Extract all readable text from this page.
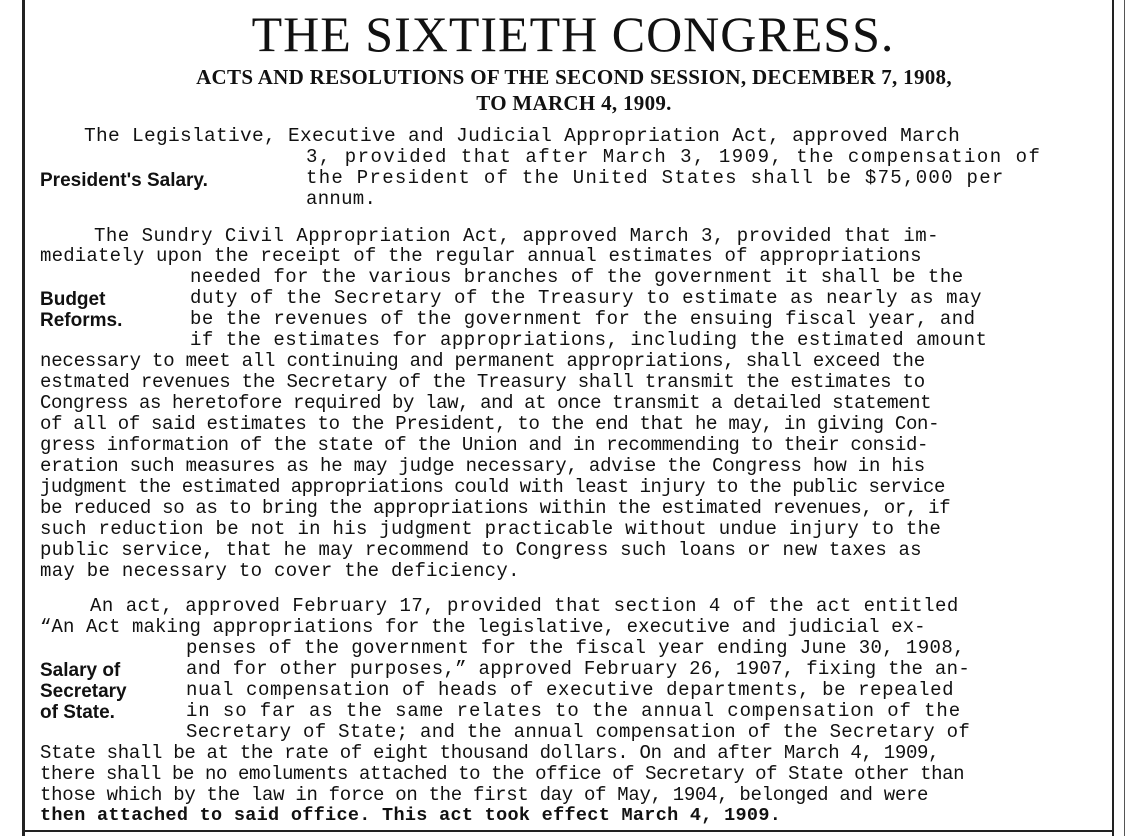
THE SIXTIETH CONGRESS.
ACTS AND RESOLUTIONS OF THE SECOND SESSION, DECEMBER 7, 1908,
TO MARCH 4, 1909.
President's Salary.
The Legislative, Executive and Judicial Appropriation Act, approved March
3, provided that after March 3, 1909, the compensation of
the President of the United States shall be $75,000 per
annum.
Budget
Reforms.
The Sundry Civil Appropriation Act, approved March 3, provided that im-
mediately upon the receipt of the regular annual estimates of appropriations
needed for the various branches of the government it shall be the
duty of the Secretary of the Treasury to estimate as nearly as may
be the revenues of the government for the ensuing fiscal year, and
if the estimates for appropriations, including the estimated amount
necessary to meet all continuing and permanent appropriations, shall exceed the
estmated revenues the Secretary of the Treasury shall transmit the estimates to
Congress as heretofore required by law, and at once transmit a detailed statement
of all of said estimates to the President, to the end that he may, in giving Con-
gress information of the state of the Union and in recommending to their consid-
eration such measures as he may judge necessary, advise the Congress how in his
judgment the estimated appropriations could with least injury to the public service
be reduced so as to bring the appropriations within the estimated revenues, or, if
such reduction be not in his judgment practicable without undue injury to the
public service, that he may recommend to Congress such loans or new taxes as
may be necessary to cover the deficiency.
Salary of
Secretary
of State.
An act, approved February 17, provided that section 4 of the act entitled
“An Act making appropriations for the legislative, executive and judicial ex-
penses of the government for the fiscal year ending June 30, 1908,
and for other purposes,” approved February 26, 1907, fixing the an-
nual compensation of heads of executive departments, be repealed
in so far as the same relates to the annual compensation of the
Secretary of State; and the annual compensation of the Secretary of
State shall be at the rate of eight thousand dollars. On and after March 4, 1909,
there shall be no emoluments attached to the office of Secretary of State other than
those which by the law in force on the first day of May, 1904, belonged and were
then attached to said office. This act took effect March 4, 1909.
